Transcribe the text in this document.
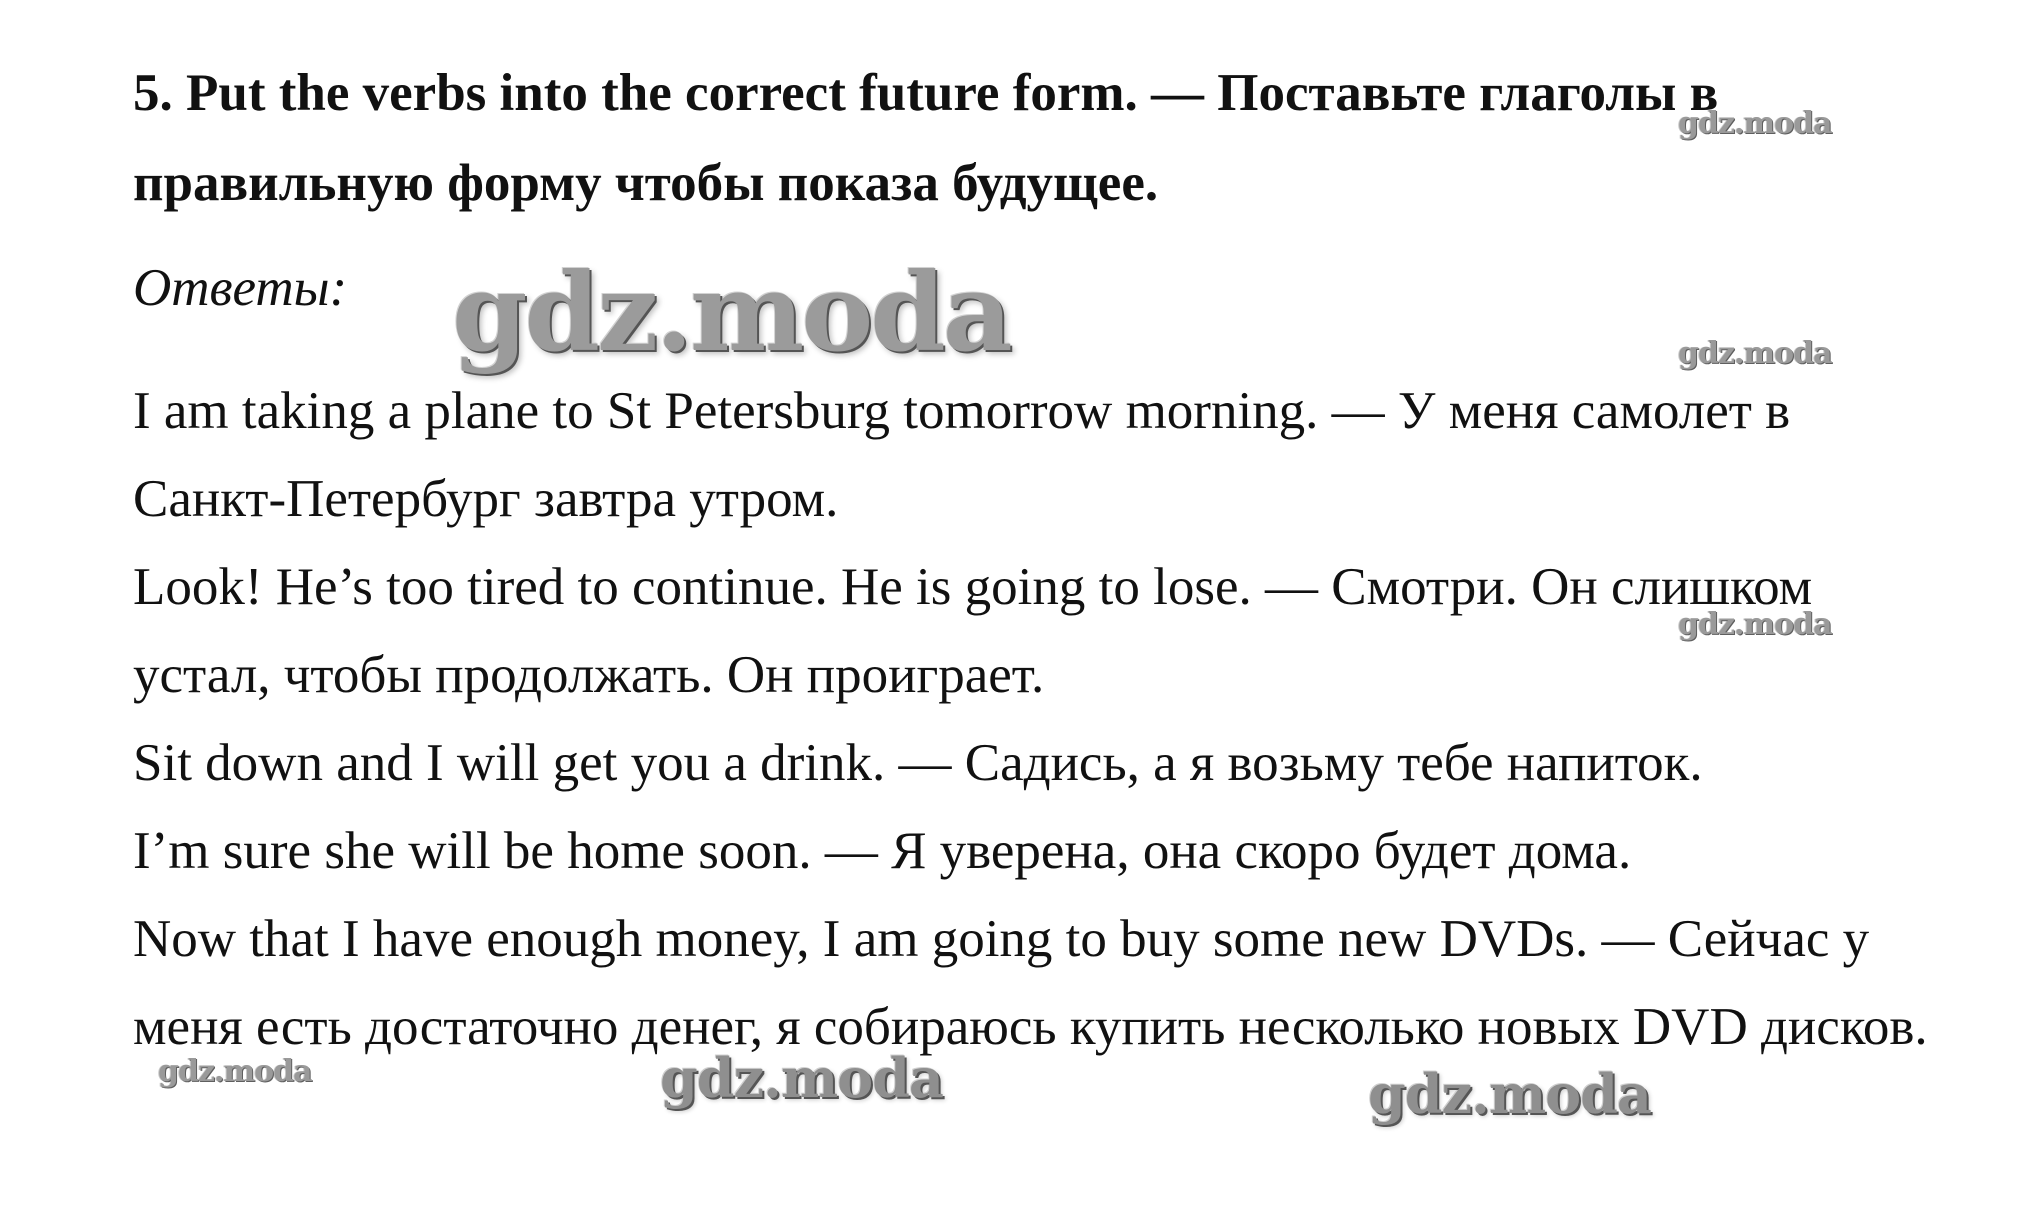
5. Put the verbs into the correct future form. — Поставьте глаголы в правильную форму чтобы показа будущее.

Ответы:

I am taking a plane to St Petersburg tomorrow morning. — У меня самолет в Санкт-Петербург завтра утром.
Look! He’s too tired to continue. He is going to lose. — Смотри. Он слишком устал, чтобы продолжать. Он проиграет.
Sit down and I will get you a drink. — Садись, а я возьму тебе напиток.
I’m sure she will be home soon. — Я уверена, она скоро будет дома.
Now that I have enough money, I am going to buy some new DVDs. — Сейчас у меня есть достаточно денег, я собираюсь купить несколько новых DVD дисков.
gdz.moda
gdz.moda	gdz.moda
gdz.moda
gdz.moda	gdz.moda	gdz.moda
